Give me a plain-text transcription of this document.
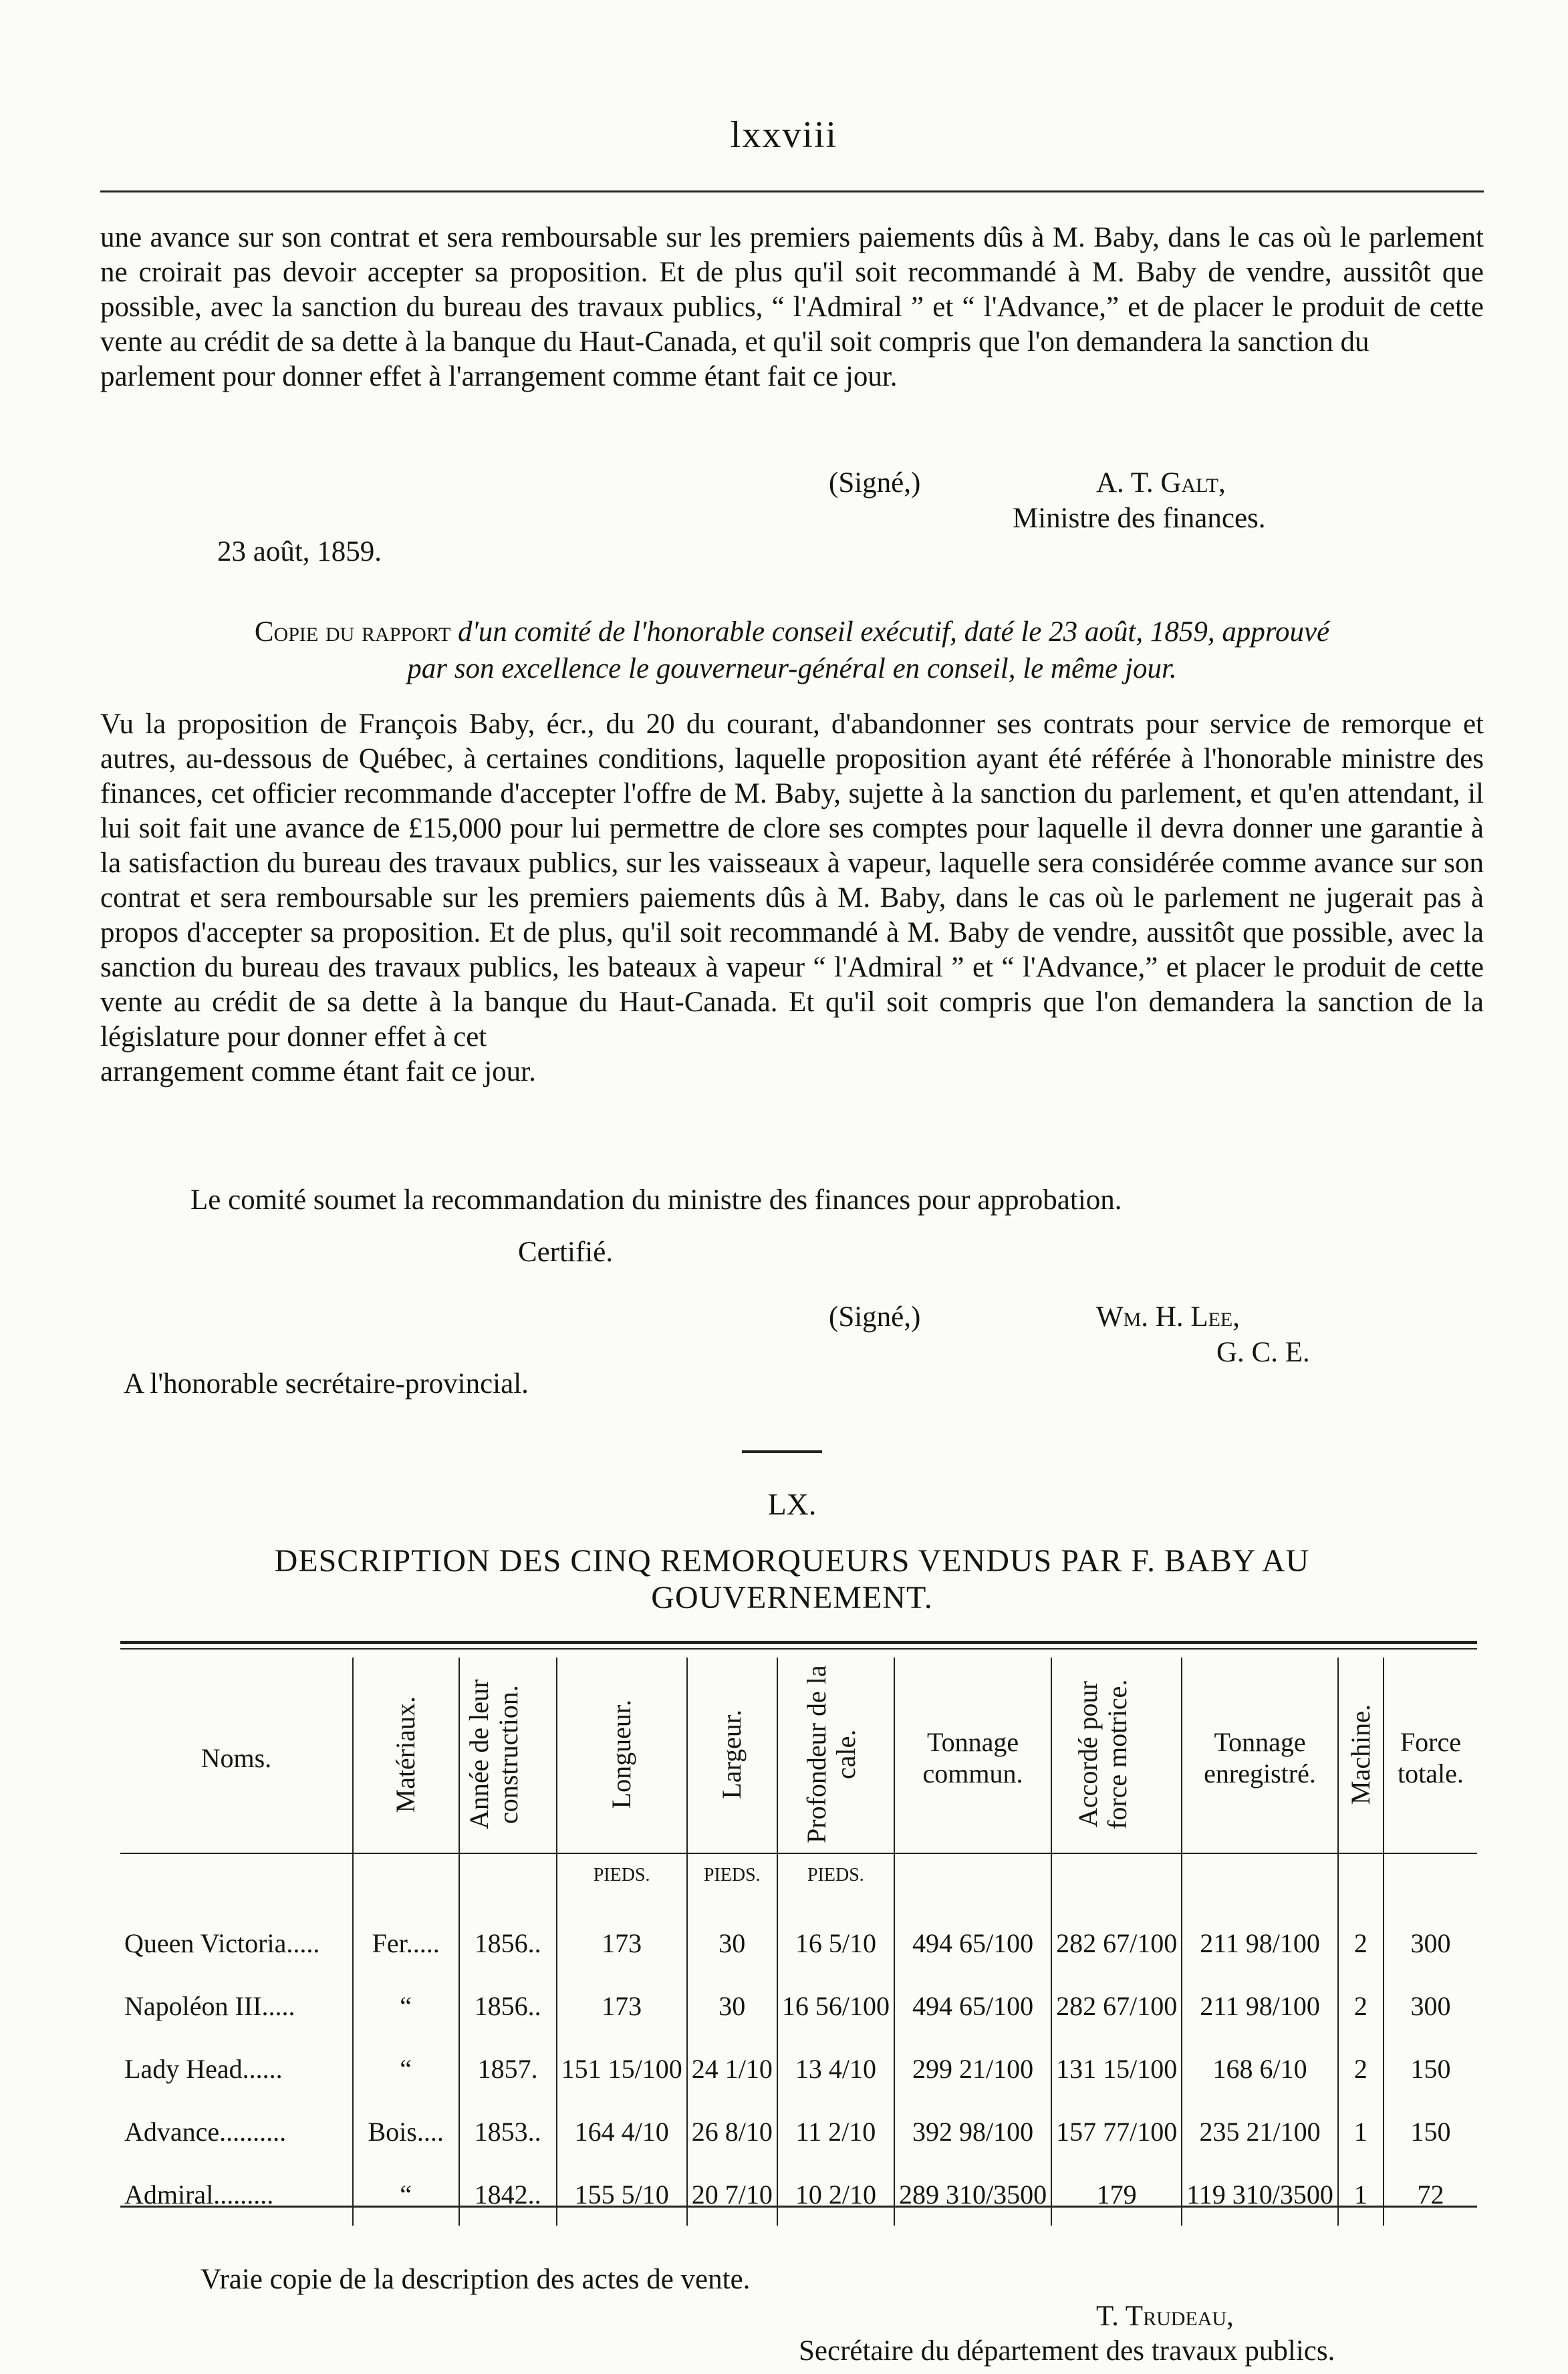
lxxviii

une avance sur son contrat et sera remboursable sur les premiers paiements dûs à M. Baby, dans le cas où le parlement ne croirait pas devoir accepter sa proposition. Et de plus qu'il soit recommandé à M. Baby de vendre, aussitôt que possible, avec la sanction du bureau des travaux publics, “ l'Admiral ” et “ l'Advance,” et de placer le produit de cette vente au crédit de sa dette à la banque du Haut-Canada, et qu'il soit compris que l'on demandera la sanction du
parlement pour donner effet à l'arrangement comme étant fait ce jour.

(Signé,)	A. T. Galt,
Ministre des finances.
23 août, 1859.
Copie du rapport d'un comité de l'honorable conseil exécutif, daté le 23 août, 1859, approuvé
par son excellence le gouverneur-général en conseil, le même jour.

Vu la proposition de François Baby, écr., du 20 du courant, d'abandonner ses contrats pour service de remorque et autres, au-dessous de Québec, à certaines conditions, laquelle proposition ayant été référée à l'honorable ministre des finances, cet officier recommande d'accepter l'offre de M. Baby, sujette à la sanction du parlement, et qu'en attendant, il lui soit fait une avance de £15,000 pour lui permettre de clore ses comptes pour laquelle il devra donner une garantie à la satisfaction du bureau des travaux publics, sur les vaisseaux à vapeur, laquelle sera considérée comme avance sur son contrat et sera remboursable sur les premiers paiements dûs à M. Baby, dans le cas où le parlement ne jugerait pas à propos d'accepter sa proposition. Et de plus, qu'il soit recommandé à M. Baby de vendre, aussitôt que possible, avec la sanction du bureau des travaux publics, les bateaux à vapeur “ l'Admiral ” et “ l'Advance,” et placer le produit de cette vente au crédit de sa dette à la banque du Haut-Canada. Et qu'il soit compris que l'on demandera la sanction de la législature pour donner effet à cet
arrangement comme étant fait ce jour.

Le comité soumet la recommandation du ministre des finances pour approbation.
Certifié.
(Signé,)	Wm. H. Lee,
G. C. E.
A l'honorable secrétaire-provincial.
LX.
DESCRIPTION DES CINQ REMORQUEURS VENDUS PAR F. BABY AU
GOUVERNEMENT.
Noms.	Matériaux.	Année de leur construction.	Longueur.	Largeur.	Profondeur de la cale.	Tonnage commun.	Accordé pour force motrice.	Tonnage enregistré.	Machine.	Force totale.
			PIEDS.	PIEDS.	PIEDS.					
Queen Victoria.....	Fer.....	1856..	173	30	16 5/10	494 65/100	282 67/100	211 98/100	2	300
Napoléon III.....	“	1856..	173	30	16 56/100	494 65/100	282 67/100	211 98/100	2	300
Lady Head......	“	1857.	151 15/100	24 1/10	13 4/10	299 21/100	131 15/100	168 6/10	2	150
Advance..........	Bois....	1853..	164 4/10	26 8/10	11 2/10	392 98/100	157 77/100	235 21/100	1	150
Admiral.........	“	1842..	155 5/10	20 7/10	10 2/10	289 310/3500	179	119 310/3500	1	72
Vraie copie de la description des actes de vente.
T. Trudeau,
Secrétaire du département des travaux publics.
